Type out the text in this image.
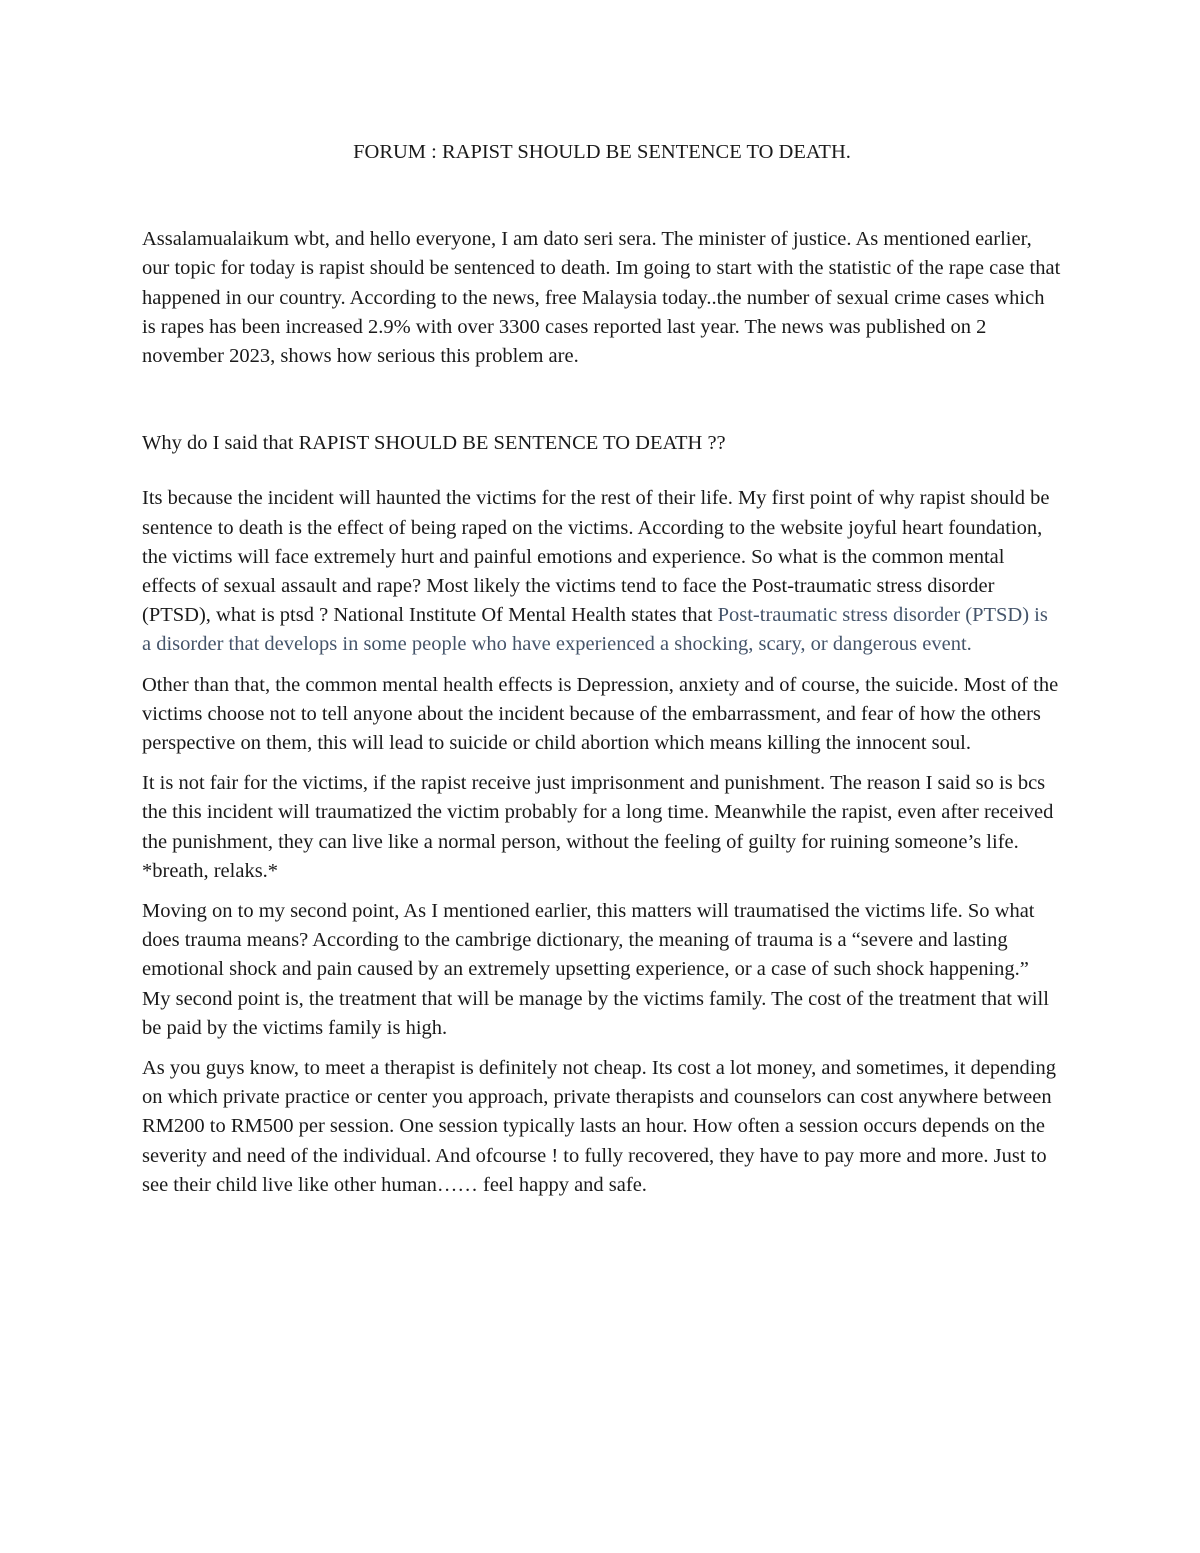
FORUM : RAPIST SHOULD BE SENTENCE TO DEATH.

Assalamualaikum wbt, and hello everyone, I am dato seri sera. The minister of justice. As mentioned earlier, our topic for today is rapist should be sentenced to death. Im going to start with the statistic of the rape case that happened in our country. According to the news, free Malaysia today..the number of sexual crime cases which is rapes has been increased 2.9% with over 3300 cases reported last year. The news was published on 2 november 2023, shows how serious this problem are.

Why do I said that RAPIST SHOULD BE SENTENCE TO DEATH ??

Its because the incident will haunted the victims for the rest of their life. My first point of why rapist should be sentence to death is the effect of being raped on the victims. According to the website joyful heart foundation, the victims will face extremely hurt and painful emotions and experience. So what is the common mental effects of sexual assault and rape? Most likely the victims tend to face the Post-traumatic stress disorder (PTSD), what is ptsd ? National Institute Of Mental Health states that Post-traumatic stress disorder (PTSD) is a disorder that develops in some people who have experienced a shocking, scary, or dangerous event.

Other than that, the common mental health effects is Depression, anxiety and of course, the suicide. Most of the victims choose not to tell anyone about the incident because of the embarrassment, and fear of how the others perspective on them, this will lead to suicide or child abortion which means killing the innocent soul.

It is not fair for the victims, if the rapist receive just imprisonment and punishment. The reason I said so is bcs the this incident will traumatized the victim probably for a long time. Meanwhile the rapist, even after received the punishment, they can live like a normal person, without the feeling of guilty for ruining someone’s life. *breath, relaks.*

Moving on to my second point, As I mentioned earlier, this matters will traumatised the victims life. So what does trauma means? According to the cambrige dictionary, the meaning of trauma is a “severe and lasting emotional shock and pain caused by an extremely upsetting experience, or a case of such shock happening.” My second point is, the treatment that will be manage by the victims family. The cost of the treatment that will be paid by the victims family is high.

As you guys know, to meet a therapist is definitely not cheap. Its cost a lot money, and sometimes, it depending on which private practice or center you approach, private therapists and counselors can cost anywhere between RM200 to RM500 per session. One session typically lasts an hour. How often a session occurs depends on the severity and need of the individual. And ofcourse ! to fully recovered, they have to pay more and more. Just to see their child live like other human…… feel happy and safe.
